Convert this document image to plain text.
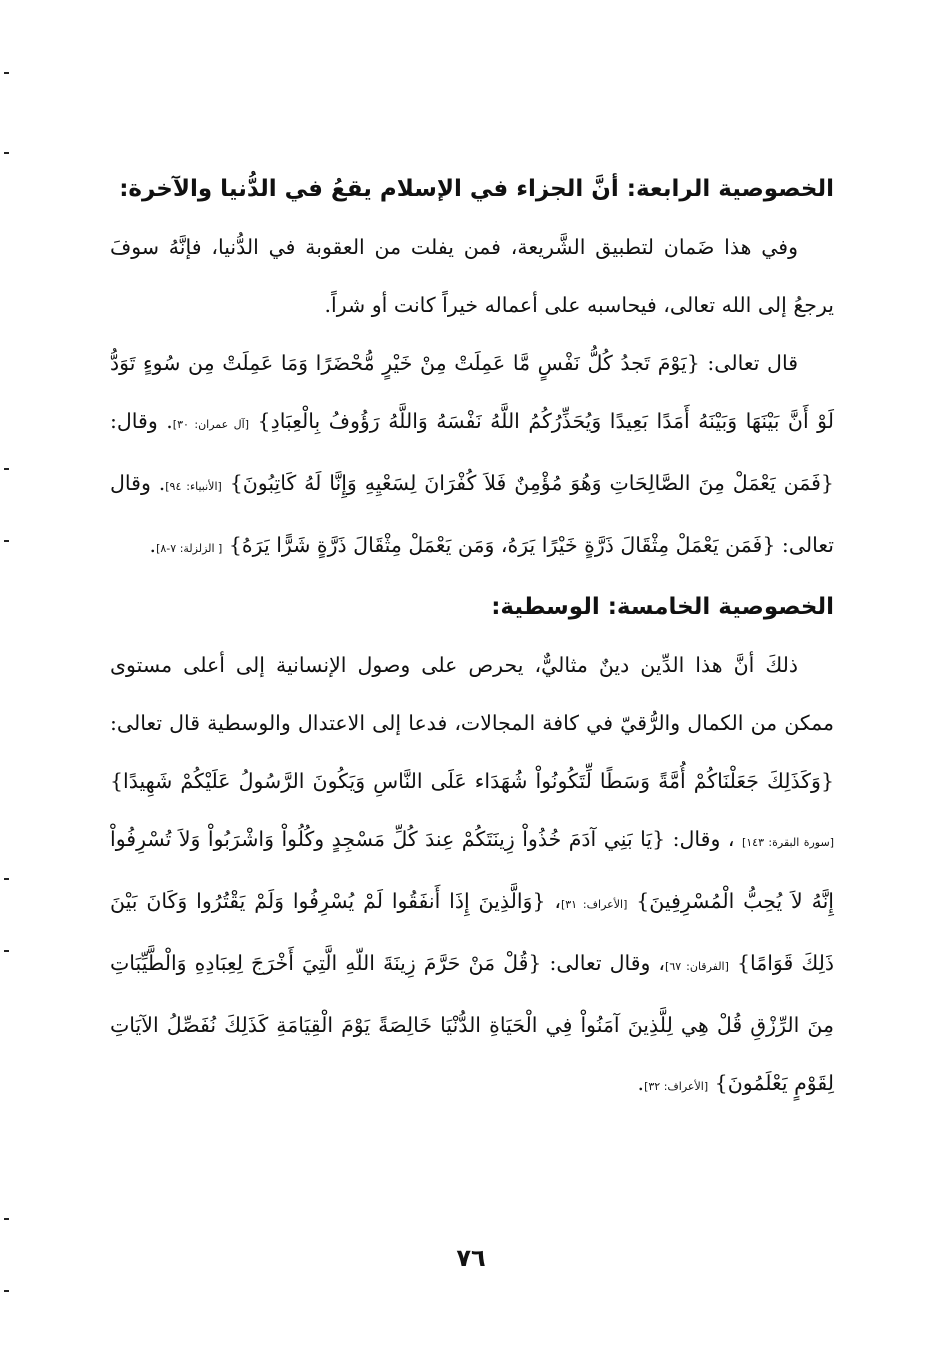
الخصوصية الرابعة: أنَّ الجزاء في الإسلام يقعُ في الدُّنيا والآخرة:

وفي هذا ضَمان لتطبيق الشَّريعة، فمن يفلت من العقوبة في الدُّنيا، فإنَّهُ سوفَ يرجعُ إلى الله تعالى، فيحاسبه على أعماله خيراً كانت أو شراً.

قال تعالى: {يَوْمَ تَجدُ كُلُّ نَفْسٍ مَّا عَمِلَتْ مِنْ خَيْرٍ مُّحْضَرًا وَمَا عَمِلَتْ مِن سُوءٍ تَوَدُّ لَوْ أَنَّ بَيْنَهَا وَبَيْنَهُ أَمَدًا بَعِيدًا وَيُحَذِّرُكُمُ اللَّهُ نَفْسَهُ وَاللَّهُ رَؤُوفُ بِالْعِبَادِ} [آل عمران: ٣٠]. وقال: {فَمَن يَعْمَلْ مِنَ الصَّالِحَاتِ وَهُوَ مُؤْمِنٌ فَلاَ كُفْرَانَ لِسَعْيِهِ وَإِنَّا لَهُ كَاتِبُونَ} [الأنبياء: ٩٤]. وقال تعالى: {فَمَن يَعْمَلْ مِثْقَالَ ذَرَّةٍ خَيْرًا يَرَهُ، وَمَن يَعْمَلْ مِثْقَالَ ذَرَّةٍ شَرًّا يَرَهُ} [ الزلزلة: ٧-٨].

الخصوصية الخامسة: الوسطية:

ذلكَ أنَّ هذا الدِّين دينٌ مثاليٌّ، يحرص على وصول الإنسانية إلى أعلى مستوى ممكن من الكمال والرُّقيّ في كافة المجالات، فدعا إلى الاعتدال والوسطية قال تعالى: {وَكَذَلِكَ جَعَلْنَاكُمْ أُمَّةً وَسَطًا لِّتَكُونُواْ شُهَدَاء عَلَى النَّاسِ وَيَكُونَ الرَّسُولُ عَلَيْكُمْ شَهِيدًا} [سورة البقرة: ١٤٣] ، وقال: {يَا بَنِي آدَمَ خُذُواْ زِينَتَكُمْ عِندَ كُلِّ مَسْجِدٍ وكُلُواْ وَاشْرَبُواْ وَلاَ تُسْرِفُواْ إِنَّهُ لاَ يُحِبُّ الْمُسْرِفِينَ} [الأعراف: ٣١]، {وَالَّذِينَ إِذَا أَنفَقُوا لَمْ يُسْرِفُوا وَلَمْ يَقْتُرُوا وَكَانَ بَيْنَ ذَلِكَ قَوَامًا} [الفرقان: ٦٧]، وقال تعالى: {قُلْ مَنْ حَرَّمَ زِينَةَ اللّهِ الَّتِيَ أَخْرَجَ لِعِبَادِهِ وَالْطَّيِّبَاتِ مِنَ الرِّزْقِ قُلْ هِي لِلَّذِينَ آمَنُواْ فِي الْحَيَاةِ الدُّنْيَا خَالِصَةً يَوْمَ الْقِيَامَةِ كَذَلِكَ نُفَصِّلُ الآيَاتِ لِقَوْمٍ يَعْلَمُونَ} [الأعراف: ٣٢].

٧٦
